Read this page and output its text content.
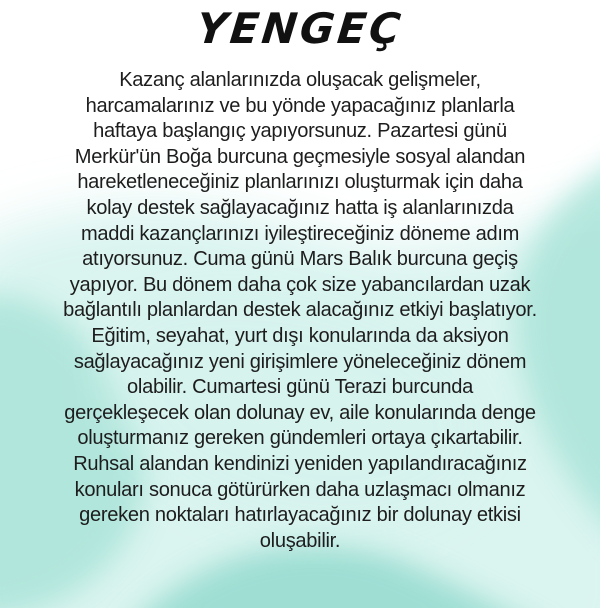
YENGEÇ
Kazanç alanlarınızda oluşacak gelişmeler,
harcamalarınız ve bu yönde yapacağınız planlarla
haftaya başlangıç yapıyorsunuz. Pazartesi günü
Merkür'ün Boğa burcuna geçmesiyle sosyal alandan
hareketleneceğiniz planlarınızı oluşturmak için daha
kolay destek sağlayacağınız hatta iş alanlarınızda
maddi kazançlarınızı iyileştireceğiniz döneme adım
atıyorsunuz. Cuma günü Mars Balık burcuna geçiş
yapıyor. Bu dönem daha çok size yabancılardan uzak
bağlantılı planlardan destek alacağınız etkiyi başlatıyor.
Eğitim, seyahat, yurt dışı konularında da aksiyon
sağlayacağınız yeni girişimlere yöneleceğiniz dönem
olabilir. Cumartesi günü Terazi burcunda
gerçekleşecek olan dolunay ev, aile konularında denge
oluşturmanız gereken gündemleri ortaya çıkartabilir.
Ruhsal alandan kendinizi yeniden yapılandıracağınız
konuları sonuca götürürken daha uzlaşmacı olmanız
gereken noktaları hatırlayacağınız bir dolunay etkisi
oluşabilir.
